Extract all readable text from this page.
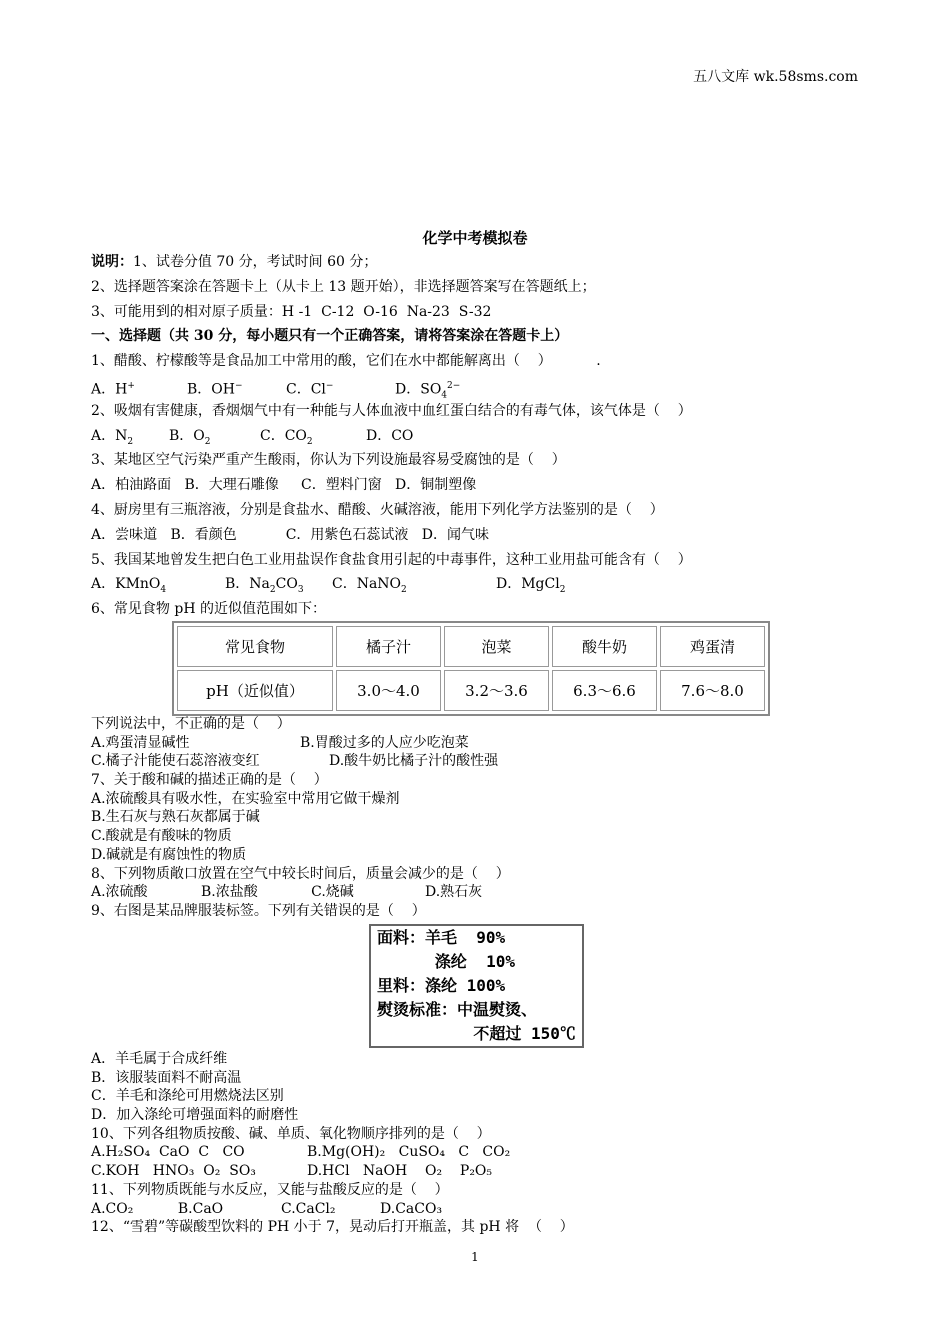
五八文库 wk.58sms.com
化学中考模拟卷
说明：1、试卷分值 70 分，考试时间 60 分；
2、选择题答案涂在答题卡上（从卡上 13 题开始），非选择题答案写在答题纸上；
3、可能用到的相对原子质量：H -1  C-12  O-16  Na-23  S-32
一、选择题（共 30 分，每小题只有一个正确答案，请将答案涂在答题卡上）
1、醋酸、柠檬酸等是食品加工中常用的酸，它们在水中都能解离出（    ）          .
A．H+	B．OH−	C．Cl−	D．$SO_4^{2-}$
2、吸烟有害健康，香烟烟气中有一种能与人体血液中血红蛋白结合的有毒气体，该气体是（    ）
A．$N_2$	B．$O_2$	C．$CO_2$	D．CO
3、某地区空气污染严重产生酸雨，你认为下列设施最容易受腐蚀的是（    ）
A．柏油路面   B．大理石雕像     C．塑料门窗   D．铜制塑像
4、厨房里有三瓶溶液，分别是食盐水、醋酸、火碱溶液，能用下列化学方法鉴别的是（    ）
A．尝味道   B．看颜色           C．用紫色石蕊试液   D．闻气味
5、我国某地曾发生把白色工业用盐误作食盐食用引起的中毒事件，这种工业用盐可能含有（    ）
A．KMnO$_4$	B．$Na_2CO_3$ C．NaNO$_2$	D．MgCl$_2$
6、常见食物 pH 的近似值范围如下：
常见食物	橘子汁	泡菜	酸牛奶	鸡蛋清
pH（近似值）	3.0～4.0	3.2～3.6	6.3～6.6	7.6～8.0
下列说法中，不正确的是（    ）
A.鸡蛋清显碱性	B.胃酸过多的人应少吃泡菜
C.橘子汁能使石蕊溶液变红	D.酸牛奶比橘子汁的酸性强
7、关于酸和碱的描述正确的是（    ）
A.浓硫酸具有吸水性，在实验室中常用它做干燥剂
B.生石灰与熟石灰都属于碱
C.酸就是有酸味的物质
D.碱就是有腐蚀性的物质
8、下列物质敞口放置在空气中较长时间后，质量会减少的是（    ）
A.浓硫酸            B.浓盐酸            C.烧碱                D.熟石灰
9、右图是某品牌服装标签。下列有关错误的是（    ）
面料：羊毛  90%
涤纶  10%
里料：涤纶 100%
熨烫标准：中温熨烫、
不超过 150℃
A．羊毛属于合成纤维
B．该服装面料不耐高温
C．羊毛和涤纶可用燃烧法区别
D．加入涤纶可增强面料的耐磨性
10、下列各组物质按酸、碱、单质、氧化物顺序排列的是（    ）
A.H₂SO₄  CaO  C   CO	B.Mg(OH)₂   CuSO₄   C   CO₂
C.KOH   HNO₃  O₂  SO₃	D.HCl   NaOH    O₂    P₂O₅
11、下列物质既能与水反应，又能与盐酸反应的是（    ）
A.CO₂          B.CaO             C.CaCl₂          D.CaCO₃
12、“雪碧”等碳酸型饮料的 PH 小于 7，晃动后打开瓶盖，其 pH 将  （    ）
1
